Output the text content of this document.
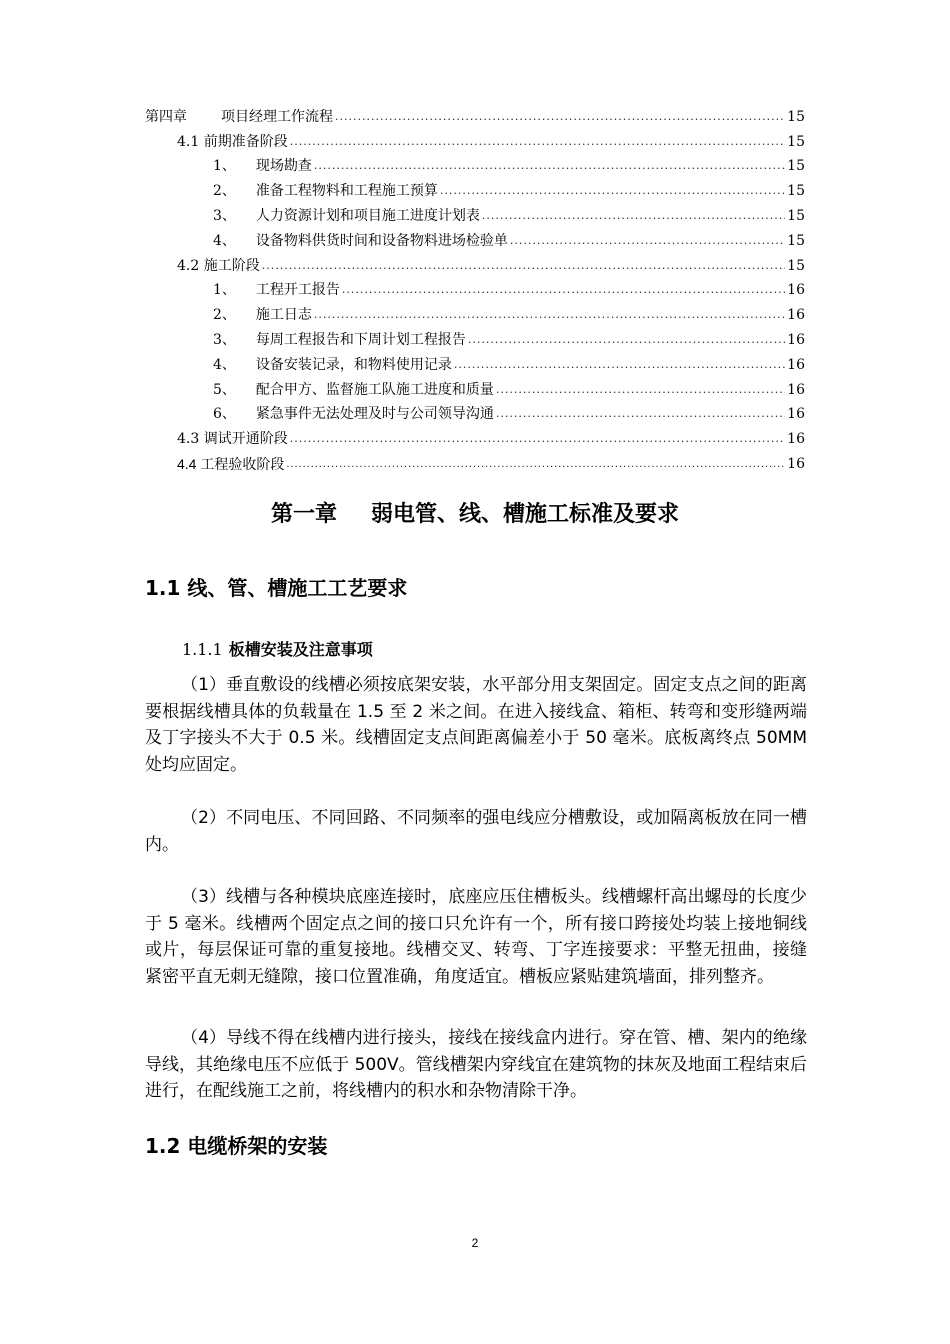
第四章 项目经理工作流程 .....	15
4.1 前期准备阶段 .....	15
1、 现场勘查 .....	15
2、 准备工程物料和工程施工预算 .....	15
3、 人力资源计划和项目施工进度计划表 .....	15
4、 设备物料供货时间和设备物料进场检验单 .....	15
4.2 施工阶段 .....	15
1、 工程开工报告 .....	16
2、 施工日志 .....	16
3、 每周工程报告和下周计划工程报告 .....	16
4、 设备安装记录，和物料使用记录 .....	16
5、 配合甲方、监督施工队施工进度和质量 .....	16
6、 紧急事件无法处理及时与公司领导沟通 .....	16
4.3 调试开通阶段 .....	16
4.4 工程验收阶段 .....	16
第一章 弱电管、线、槽施工标准及要求
1.1 线、管、槽施工工艺要求
1.1.1 板槽安装及注意事项

（1）垂直敷设的线槽必须按底架安装，水平部分用支架固定。固定支点之间的距离要根据线槽具体的负载量在 1.5 至 2 米之间。在进入接线盒、箱柜、转弯和变形缝两端及丁字接头不大于 0.5 米。线槽固定支点间距离偏差小于 50 毫米。底板离终点 50MM 处均应固定。

（2）不同电压、不同回路、不同频率的强电线应分槽敷设，或加隔离板放在同一槽内。

（3）线槽与各种模块底座连接时，底座应压住槽板头。线槽螺杆高出螺母的长度少于 5 毫米。线槽两个固定点之间的接口只允许有一个，所有接口跨接处均装上接地铜线或片，每层保证可靠的重复接地。线槽交叉、转弯、丁字连接要求：平整无扭曲，接缝紧密平直无刺无缝隙，接口位置准确，角度适宜。槽板应紧贴建筑墙面，排列整齐。

（4）导线不得在线槽内进行接头，接线在接线盒内进行。穿在管、槽、架内的绝缘导线，其绝缘电压不应低于 500V。管线槽架内穿线宜在建筑物的抹灰及地面工程结束后进行，在配线施工之前，将线槽内的积水和杂物清除干净。

1.2 电缆桥架的安装
2
